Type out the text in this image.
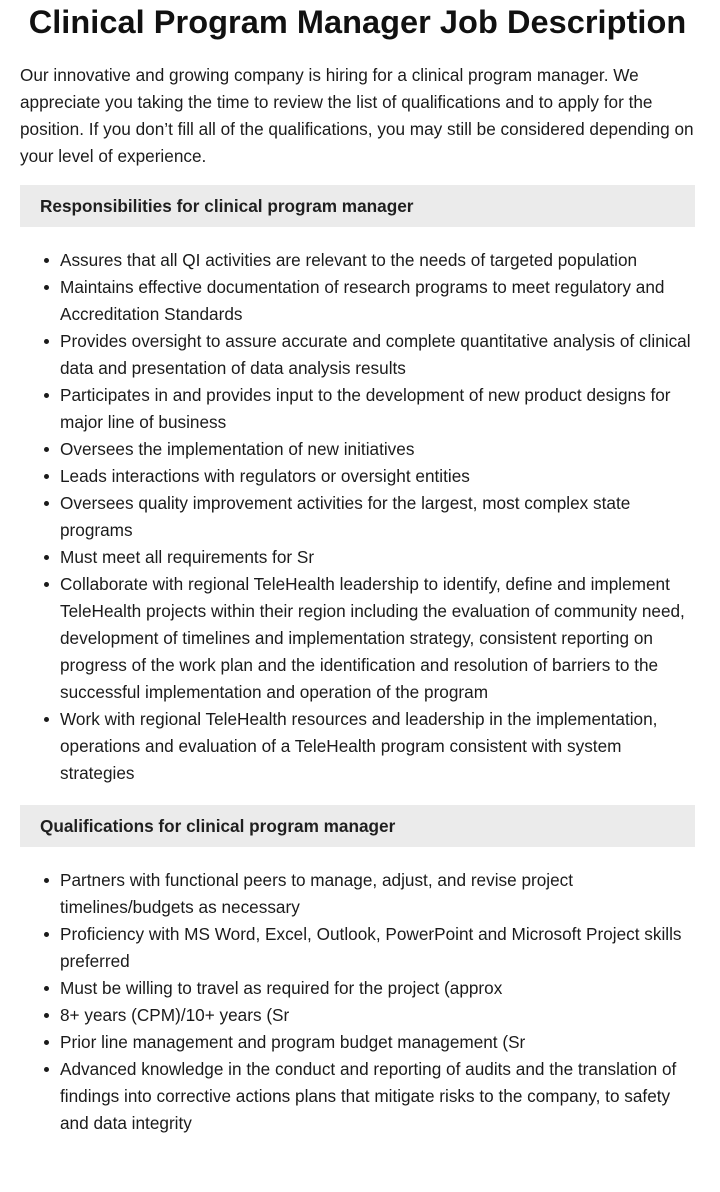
Clinical Program Manager Job Description

Our innovative and growing company is hiring for a clinical program manager. We appreciate you taking the time to review the list of qualifications and to apply for the position. If you don’t fill all of the qualifications, you may still be considered depending on your level of experience.

Responsibilities for clinical program manager
Assures that all QI activities are relevant to the needs of targeted population
Maintains effective documentation of research programs to meet regulatory and Accreditation Standards
Provides oversight to assure accurate and complete quantitative analysis of clinical data and presentation of data analysis results
Participates in and provides input to the development of new product designs for major line of business
Oversees the implementation of new initiatives
Leads interactions with regulators or oversight entities
Oversees quality improvement activities for the largest, most complex state programs
Must meet all requirements for Sr
Collaborate with regional TeleHealth leadership to identify, define and implement TeleHealth projects within their region including the evaluation of community need, development of timelines and implementation strategy, consistent reporting on progress of the work plan and the identification and resolution of barriers to the successful implementation and operation of the program
Work with regional TeleHealth resources and leadership in the implementation, operations and evaluation of a TeleHealth program consistent with system strategies
Qualifications for clinical program manager
Partners with functional peers to manage, adjust, and revise project timelines/budgets as necessary
Proficiency with MS Word, Excel, Outlook, PowerPoint and Microsoft Project skills preferred
Must be willing to travel as required for the project (approx
8+ years (CPM)/10+ years (Sr
Prior line management and program budget management (Sr
Advanced knowledge in the conduct and reporting of audits and the translation of findings into corrective actions plans that mitigate risks to the company, to safety and data integrity
